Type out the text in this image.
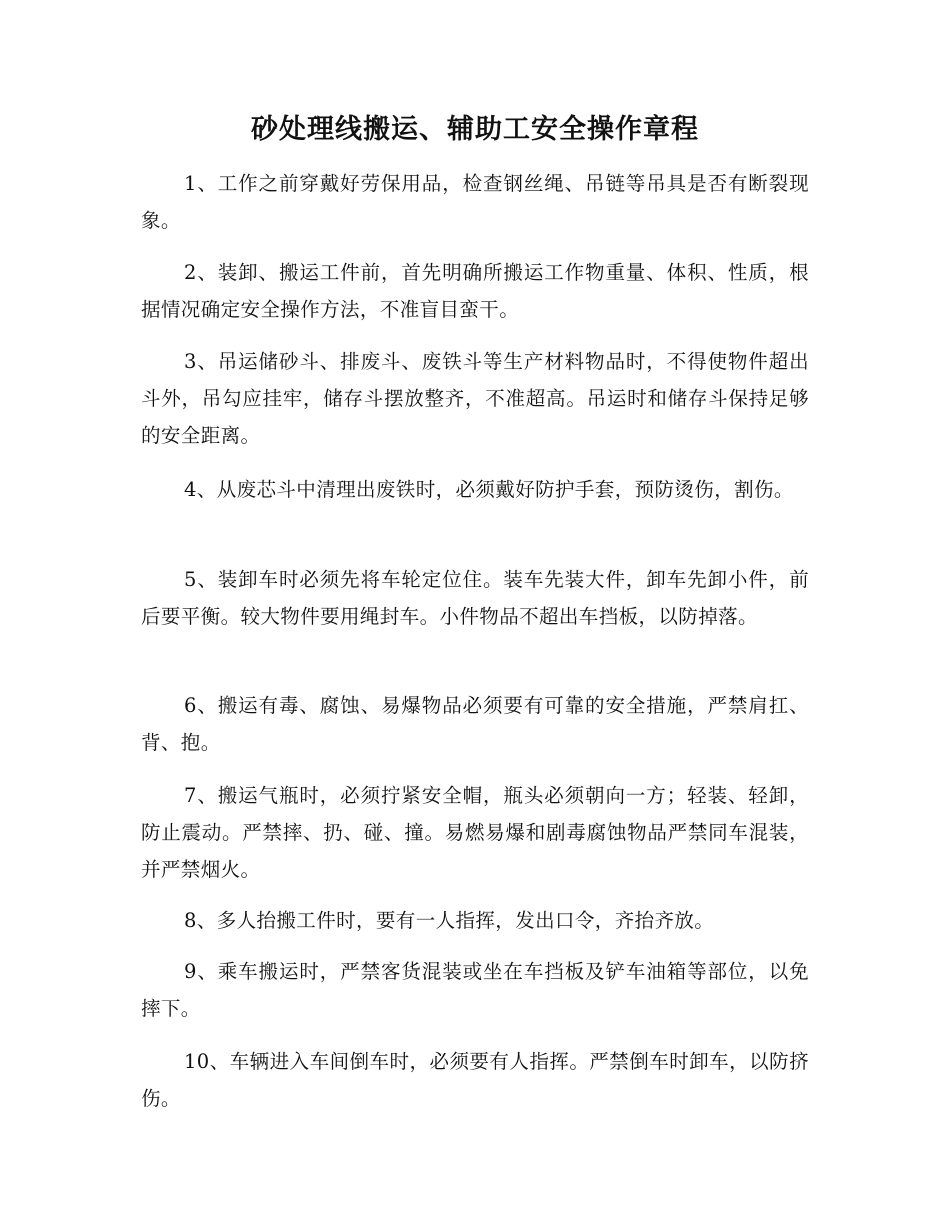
砂处理线搬运、辅助工安全操作章程

1、工作之前穿戴好劳保用品，检查钢丝绳、吊链等吊具是否有断裂现象。

2、装卸、搬运工件前，首先明确所搬运工作物重量、体积、性质，根据情况确定安全操作方法，不准盲目蛮干。

3、吊运储砂斗、排废斗、废铁斗等生产材料物品时，不得使物件超出斗外，吊勾应挂牢，储存斗摆放整齐，不准超高。吊运时和储存斗保持足够的安全距离。

4、从废芯斗中清理出废铁时，必须戴好防护手套，预防烫伤，割伤。

5、装卸车时必须先将车轮定位住。装车先装大件，卸车先卸小件，前后要平衡。较大物件要用绳封车。小件物品不超出车挡板，以防掉落。

6、搬运有毒、腐蚀、易爆物品必须要有可靠的安全措施，严禁肩扛、背、抱。

7、搬运气瓶时，必须拧紧安全帽，瓶头必须朝向一方；轻装、轻卸，防止震动。严禁摔、扔、碰、撞。易燃易爆和剧毒腐蚀物品严禁同车混装，并严禁烟火。

8、多人抬搬工件时，要有一人指挥，发出口令，齐抬齐放。

9、乘车搬运时，严禁客货混装或坐在车挡板及铲车油箱等部位，以免摔下。

10、车辆进入车间倒车时，必须要有人指挥。严禁倒车时卸车，以防挤伤。
